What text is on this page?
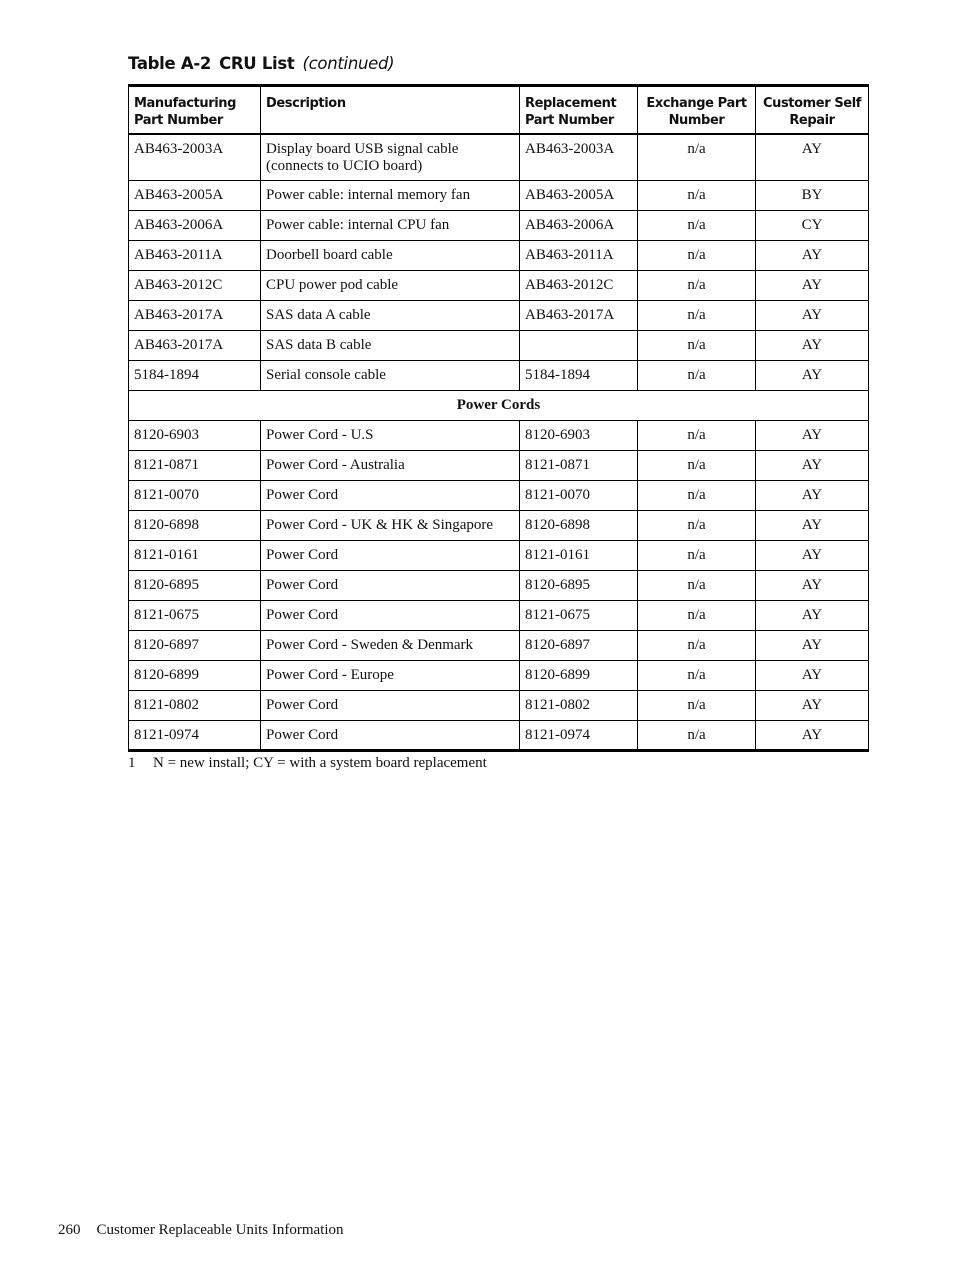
Table A-2 CRU List (continued)
Manufacturing Part Number	Description	Replacement Part Number	Exchange Part Number	Customer Self Repair
AB463-2003A	Display board USB signal cable (connects to UCIO board)	AB463-2003A	n/a	AY
AB463-2005A	Power cable: internal memory fan	AB463-2005A	n/a	BY
AB463-2006A	Power cable: internal CPU fan	AB463-2006A	n/a	CY
AB463-2011A	Doorbell board cable	AB463-2011A	n/a	AY
AB463-2012C	CPU power pod cable	AB463-2012C	n/a	AY
AB463-2017A	SAS data A cable	AB463-2017A	n/a	AY
AB463-2017A	SAS data B cable		n/a	AY
5184-1894	Serial console cable	5184-1894	n/a	AY
Power Cords				
8120-6903	Power Cord - U.S	8120-6903	n/a	AY
8121-0871	Power Cord - Australia	8121-0871	n/a	AY
8121-0070	Power Cord	8121-0070	n/a	AY
8120-6898	Power Cord - UK & HK & Singapore	8120-6898	n/a	AY
8121-0161	Power Cord	8121-0161	n/a	AY
8120-6895	Power Cord	8120-6895	n/a	AY
8121-0675	Power Cord	8121-0675	n/a	AY
8120-6897	Power Cord - Sweden & Denmark	8120-6897	n/a	AY
8120-6899	Power Cord - Europe	8120-6899	n/a	AY
8121-0802	Power Cord	8121-0802	n/a	AY
8121-0974	Power Cord	8121-0974	n/a	AY
1 N = new install; CY = with a system board replacement
260 Customer Replaceable Units Information
